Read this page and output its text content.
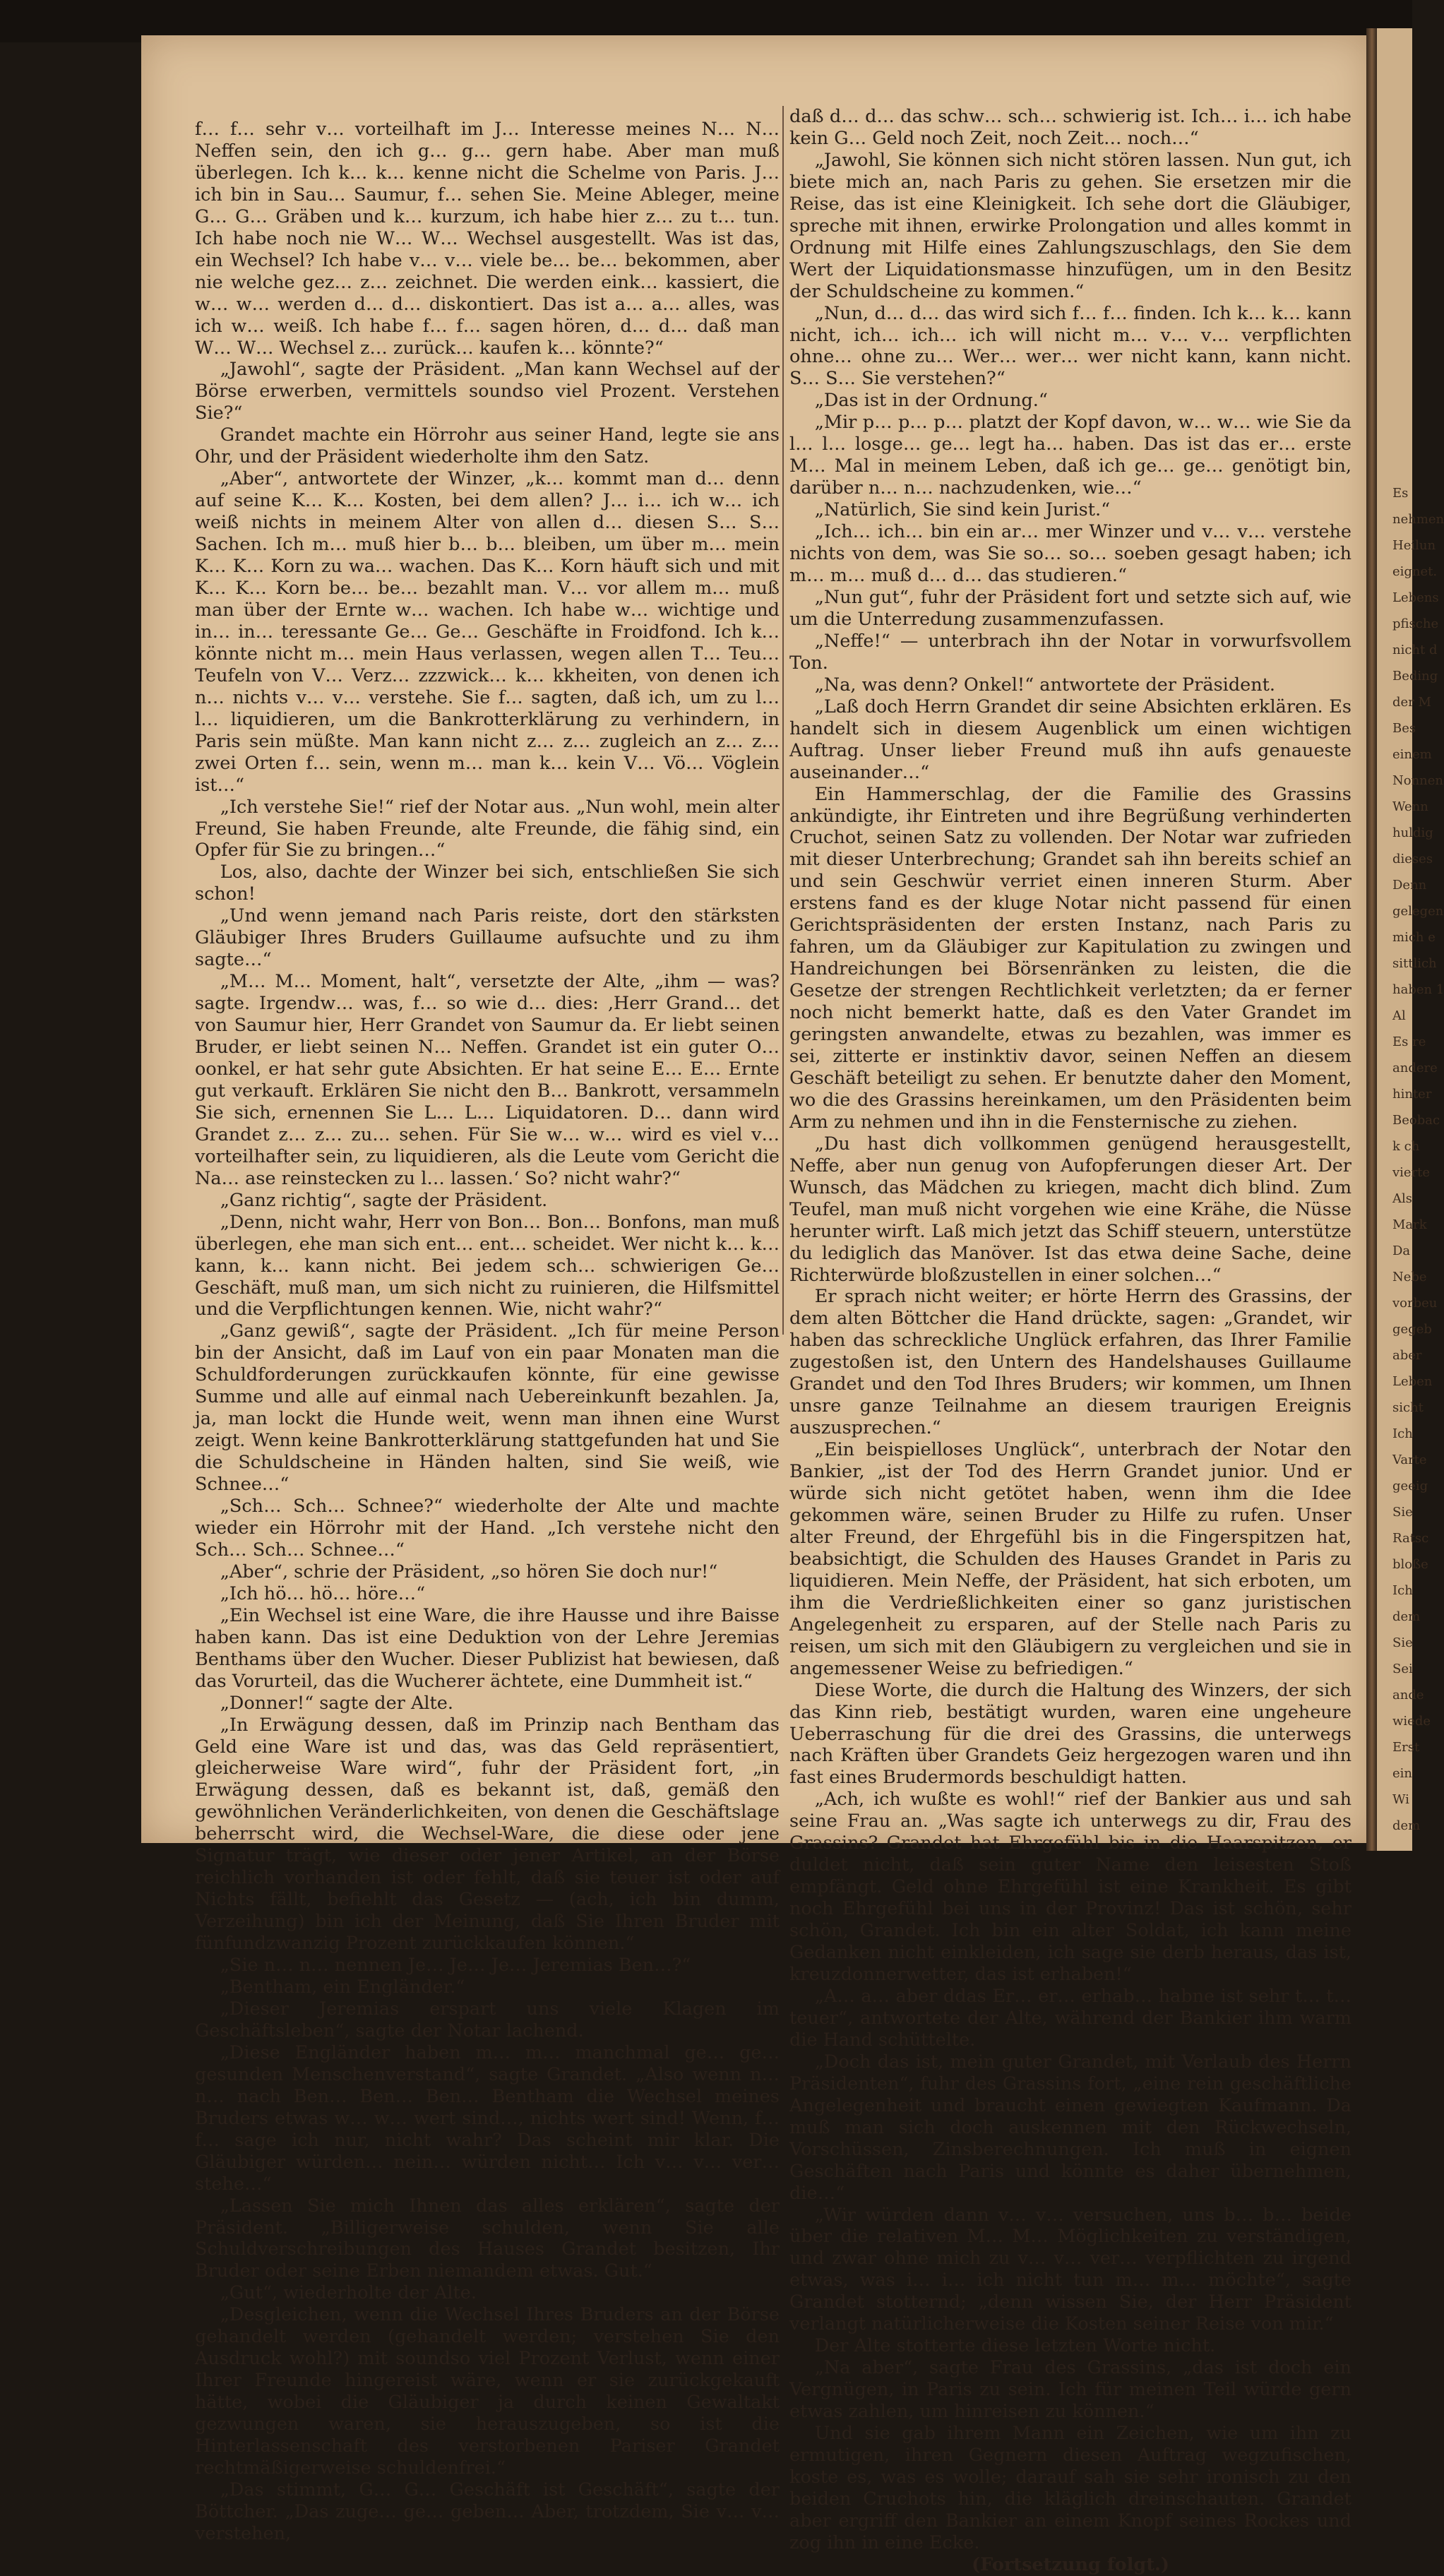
f… f… sehr v… vorteilhaft im J… Interesse meines N… N… Neffen sein, den ich g… g… gern habe. Aber man muß überlegen. Ich k… k… kenne nicht die Schelme von Paris. J… ich bin in Sau… Saumur, f… sehen Sie. Meine Ableger, meine G… G… Gräben und k… kurzum, ich habe hier z… zu t… tun. Ich habe noch nie W… W… Wechsel ausgestellt. Was ist das, ein Wechsel? Ich habe v… v… viele be… be… bekommen, aber nie welche gez… z… zeichnet. Die werden eink… kassiert, die w… w… werden d… d… diskontiert. Das ist a… a… alles, was ich w… weiß. Ich habe f… f… sagen hören, d… d… daß man W… W… Wechsel z… zurück… kaufen k… könnte?“

„Jawohl“, sagte der Präsident. „Man kann Wechsel auf der Börse erwerben, vermittels soundso viel Prozent. Verstehen Sie?“

Grandet machte ein Hörrohr aus seiner Hand, legte sie ans Ohr, und der Präsident wiederholte ihm den Satz.

„Aber“, antwortete der Winzer, „k… kommt man d… denn auf seine K… K… Kosten, bei dem allen? J… i… ich w… ich weiß nichts in meinem Alter von allen d… diesen S… S… Sachen. Ich m… muß hier b… b… bleiben, um über m… mein K… K… Korn zu wa… wachen. Das K… Korn häuft sich und mit K… K… Korn be… be… bezahlt man. V… vor allem m… muß man über der Ernte w… wachen. Ich habe w… wichtige und in… in… teressante Ge… Ge… Geschäfte in Froidfond. Ich k… könnte nicht m… mein Haus verlassen, wegen allen T… Teu… Teufeln von V… Verz… zzzwick… k… kkheiten, von denen ich n… nichts v… v… verstehe. Sie f… sagten, daß ich, um zu l… l… liquidieren, um die Bankrotterklärung zu verhindern, in Paris sein müßte. Man kann nicht z… z… zugleich an z… z… zwei Orten f… sein, wenn m… man k… kein V… Vö… Vöglein ist…“

„Ich verstehe Sie!“ rief der Notar aus. „Nun wohl, mein alter Freund, Sie haben Freunde, alte Freunde, die fähig sind, ein Opfer für Sie zu bringen…“

Los, also, dachte der Winzer bei sich, entschließen Sie sich schon!

„Und wenn jemand nach Paris reiste, dort den stärksten Gläubiger Ihres Bruders Guillaume aufsuchte und zu ihm sagte…“

„M… M… Moment, halt“, versetzte der Alte, „ihm — was? sagte. Irgendw… was, f… so wie d… dies: ‚Herr Grand… det von Saumur hier, Herr Grandet von Saumur da. Er liebt seinen Bruder, er liebt seinen N… Neffen. Grandet ist ein guter O… oonkel, er hat sehr gute Absichten. Er hat seine E… E… Ernte gut verkauft. Erklären Sie nicht den B… Bankrott, versammeln Sie sich, ernennen Sie L… L… Liquidatoren. D… dann wird Grandet z… z… zu… sehen. Für Sie w… w… wird es viel v… vorteilhafter sein, zu liquidieren, als die Leute vom Gericht die Na… ase reinstecken zu l… lassen.‘ So? nicht wahr?“

„Ganz richtig“, sagte der Präsident.

„Denn, nicht wahr, Herr von Bon… Bon… Bonfons, man muß überlegen, ehe man sich ent… ent… scheidet. Wer nicht k… k… kann, k… kann nicht. Bei jedem sch… schwierigen Ge… Geschäft, muß man, um sich nicht zu ruinieren, die Hilfsmittel und die Verpflichtungen kennen. Wie, nicht wahr?“

„Ganz gewiß“, sagte der Präsident. „Ich für meine Person bin der Ansicht, daß im Lauf von ein paar Monaten man die Schuldforderungen zurückkaufen könnte, für eine gewisse Summe und alle auf einmal nach Uebereinkunft bezahlen. Ja, ja, man lockt die Hunde weit, wenn man ihnen eine Wurst zeigt. Wenn keine Bankrotterklärung stattgefunden hat und Sie die Schuldscheine in Händen halten, sind Sie weiß, wie Schnee…“

„Sch… Sch… Schnee?“ wiederholte der Alte und machte wieder ein Hörrohr mit der Hand. „Ich verstehe nicht den Sch… Sch… Schnee…“

„Aber“, schrie der Präsident, „so hören Sie doch nur!“

„Ich hö… hö… höre…“

„Ein Wechsel ist eine Ware, die ihre Hausse und ihre Baisse haben kann. Das ist eine Deduktion von der Lehre Jeremias Benthams über den Wucher. Dieser Publizist hat bewiesen, daß das Vorurteil, das die Wucherer ächtete, eine Dummheit ist.“

„Donner!“ sagte der Alte.

„In Erwägung dessen, daß im Prinzip nach Bentham das Geld eine Ware ist und das, was das Geld repräsentiert, gleicherweise Ware wird“, fuhr der Präsident fort, „in Erwägung dessen, daß es bekannt ist, daß, gemäß den gewöhnlichen Veränderlichkeiten, von denen die Geschäftslage beherrscht wird, die Wechsel-Ware, die diese oder jene Signatur trägt, wie dieser oder jener Artikel, an der Börse reichlich vorhanden ist oder fehlt, daß sie teuer ist oder auf Nichts fällt, befiehlt das Gesetz — (ach, ich bin dumm, Verzeihung) bin ich der Meinung, daß Sie Ihren Bruder mit fünfundzwanzig Prozent zurückkaufen können.“

„Sie n… n… nennen Je… Je… Je… Jeremias Ben…?“

„Bentham, ein Engländer.“

„Dieser Jeremias erspart uns viele Klagen im Geschäftsleben“, sagte der Notar lachend.

„Diese Engländer haben m… m… manchmal ge… ge… gesunden Menschenverstand“, sagte Grandet. „Also wenn n… n… nach Ben… Ben… Ben… Bentham die Wechsel meines Bruders etwas w… w… wert sind…, nichts wert sind! Wenn, f… f… sage ich nur, nicht wahr? Das scheint mir klar. Die Gläubiger würden… nein… würden nicht… Ich v… v… ver… stehe…“

„Lassen Sie mich Ihnen das alles erklären“, sagte der Präsident. „Billigerweise schulden, wenn Sie alle Schuldverschreibungen des Hauses Grandet besitzen, Ihr Bruder oder seine Erben niemandem etwas. Gut.“

„Gut“, wiederholte der Alte.

„Desgleichen, wenn die Wechsel Ihres Bruders an der Börse gehandelt werden (gehandelt werden; verstehen Sie den Ausdruck wohl?) mit soundso viel Prozent Verlust, wenn einer Ihrer Freunde hingereist wäre, wenn er sie zurückgekauft hätte, wobei die Gläubiger ja durch keinen Gewaltakt gezwungen waren, sie herauszugeben, so ist die Hinterlassenschaft des verstorbenen Pariser Grandet rechtmäßigerweise schuldenfrei.“

„Das stimmt, G… G… Geschäft ist Geschäft“, sagte der Böttcher. „Das zuge… ge… geben… Aber, trotzdem, Sie v… v… verstehen,

daß d… d… das schw… sch… schwierig ist. Ich… i… ich habe kein G… Geld noch Zeit, noch Zeit… noch…“

„Jawohl, Sie können sich nicht stören lassen. Nun gut, ich biete mich an, nach Paris zu gehen. Sie ersetzen mir die Reise, das ist eine Kleinigkeit. Ich sehe dort die Gläubiger, spreche mit ihnen, erwirke Prolongation und alles kommt in Ordnung mit Hilfe eines Zahlungszuschlags, den Sie dem Wert der Liquidationsmasse hinzufügen, um in den Besitz der Schuldscheine zu kommen.“

„Nun, d… d… das wird sich f… f… finden. Ich k… k… kann nicht, ich… ich… ich will nicht m… v… v… verpflichten ohne… ohne zu… Wer… wer… wer nicht kann, kann nicht. S… S… Sie verstehen?“

„Das ist in der Ordnung.“

„Mir p… p… p… platzt der Kopf davon, w… w… wie Sie da l… l… losge… ge… legt ha… haben. Das ist das er… erste M… Mal in meinem Leben, daß ich ge… ge… genötigt bin, darüber n… n… nachzudenken, wie…“

„Natürlich, Sie sind kein Jurist.“

„Ich… ich… bin ein ar… mer Winzer und v… v… verstehe nichts von dem, was Sie so… so… soeben gesagt haben; ich m… m… muß d… d… das studieren.“

„Nun gut“, fuhr der Präsident fort und setzte sich auf, wie um die Unterredung zusammenzufassen.

„Neffe!“ — unterbrach ihn der Notar in vorwurfsvollem Ton.

„Na, was denn? Onkel!“ antwortete der Präsident.

„Laß doch Herrn Grandet dir seine Absichten erklären. Es handelt sich in diesem Augenblick um einen wichtigen Auftrag. Unser lieber Freund muß ihn aufs genaueste auseinander…“

Ein Hammerschlag, der die Familie des Grassins ankündigte, ihr Eintreten und ihre Begrüßung verhinderten Cruchot, seinen Satz zu vollenden. Der Notar war zufrieden mit dieser Unterbrechung; Grandet sah ihn bereits schief an und sein Geschwür verriet einen inneren Sturm. Aber erstens fand es der kluge Notar nicht passend für einen Gerichtspräsidenten der ersten Instanz, nach Paris zu fahren, um da Gläubiger zur Kapitulation zu zwingen und Handreichungen bei Börsenränken zu leisten, die die Gesetze der strengen Rechtlichkeit verletzten; da er ferner noch nicht bemerkt hatte, daß es den Vater Grandet im geringsten anwandelte, etwas zu bezahlen, was immer es sei, zitterte er instinktiv davor, seinen Neffen an diesem Geschäft beteiligt zu sehen. Er benutzte daher den Moment, wo die des Grassins hereinkamen, um den Präsidenten beim Arm zu nehmen und ihn in die Fensternische zu ziehen.

„Du hast dich vollkommen genügend herausgestellt, Neffe, aber nun genug von Aufopferungen dieser Art. Der Wunsch, das Mädchen zu kriegen, macht dich blind. Zum Teufel, man muß nicht vorgehen wie eine Krähe, die Nüsse herunter wirft. Laß mich jetzt das Schiff steuern, unterstütze du lediglich das Manöver. Ist das etwa deine Sache, deine Richterwürde bloßzustellen in einer solchen…“

Er sprach nicht weiter; er hörte Herrn des Grassins, der dem alten Böttcher die Hand drückte, sagen: „Grandet, wir haben das schreckliche Unglück erfahren, das Ihrer Familie zugestoßen ist, den Untern des Handelshauses Guillaume Grandet und den Tod Ihres Bruders; wir kommen, um Ihnen unsre ganze Teilnahme an diesem traurigen Ereignis auszusprechen.“

„Ein beispielloses Unglück“, unterbrach der Notar den Bankier, „ist der Tod des Herrn Grandet junior. Und er würde sich nicht getötet haben, wenn ihm die Idee gekommen wäre, seinen Bruder zu Hilfe zu rufen. Unser alter Freund, der Ehrgefühl bis in die Fingerspitzen hat, beabsichtigt, die Schulden des Hauses Grandet in Paris zu liquidieren. Mein Neffe, der Präsident, hat sich erboten, um ihm die Verdrießlichkeiten einer so ganz juristischen Angelegenheit zu ersparen, auf der Stelle nach Paris zu reisen, um sich mit den Gläubigern zu vergleichen und sie in angemessener Weise zu befriedigen.“

Diese Worte, die durch die Haltung des Winzers, der sich das Kinn rieb, bestätigt wurden, waren eine ungeheure Ueberraschung für die drei des Grassins, die unterwegs nach Kräften über Grandets Geiz hergezogen waren und ihn fast eines Brudermords beschuldigt hatten.

„Ach, ich wußte es wohl!“ rief der Bankier aus und sah seine Frau an. „Was sagte ich unterwegs zu dir, Frau des Grassins? Grandet hat Ehrgefühl bis in die Haarspitzen, er duldet nicht, daß sein guter Name den leisesten Stoß empfängt. Geld ohne Ehrgefühl ist eine Krankheit. Es gibt noch Ehrgefühl bei uns in der Provinz! Das ist schön, sehr schön, Grandet. Ich bin ein alter Soldat, ich kann meine Gedanken nicht einkleiden, ich sage sie derb heraus, das ist, kreuzdonnerwetter, das ist erhaben!“

„A… a… aber ddas Er… er… erhab… habne ist sehr t… t… teuer“, antwortete der Alte, während der Bankier ihm warm die Hand schüttelte.

„Doch das ist, mein guter Grandet, mit Verlaub des Herrn Präsidenten“, fuhr des Grassins fort, „eine rein geschäftliche Angelegenheit und braucht einen gewiegten Kaufmann. Da muß man sich doch auskennen mit den Rückwechseln, Vorschüssen, Zinsberechnungen. Ich muß in eignen Geschäften nach Paris und könnte es daher übernehmen, die…“

„Wir würden dann v… v… versuchen, uns b… b… beide über die relativen M… M… Möglichkeiten zu verständigen, und zwar ohne mich zu v… v… ver… verpflichten zu irgend etwas, was i… i… ich nicht tun m… m… möchte“, sagte Grandet stotternd; „denn wissen Sie, der Herr Präsident verlangt natürlicherweise die Kosten seiner Reise von mir.“

Der Alte stotterte diese letzten Worte nicht.

„Na aber“, sagte Frau des Grassins, „das ist doch ein Vergnügen, in Paris zu sein. Ich für meinen Teil würde gern etwas zahlen, um hinreisen zu können.“

Und sie gab ihrem Mann ein Zeichen, wie um ihn zu ermutigen, ihren Gegnern diesen Auftrag wegzufischen, koste es, was es wolle; darauf sah sie sehr ironisch zu den beiden Cruchots hin, die kläglich dreinschauten. Grandet aber ergriff den Bankier an einem Knopf seines Rockes und zog ihn in eine Ecke.

(Fortsetzung folgt.)

Es
nehmen
Heilun
eignet.
Lebens
pfische
nicht d
Beding
der M
Bes
einem
Nonnen
Wenn
huldig
dieses
Denn
gelegen
mich e
sittlich
haben 1
Al
Es re
andere
hinter
Beobac
k ch
vierte
Als
Mark
Da
Nebe
vorbeu
gegeb
aber
Leben
sicht
Ich
Varte
geeig
Sie
Ratsc
bloße
Ich
dem
Sie
Sei
ande
wiede
Erst
ein
Wi
dem
